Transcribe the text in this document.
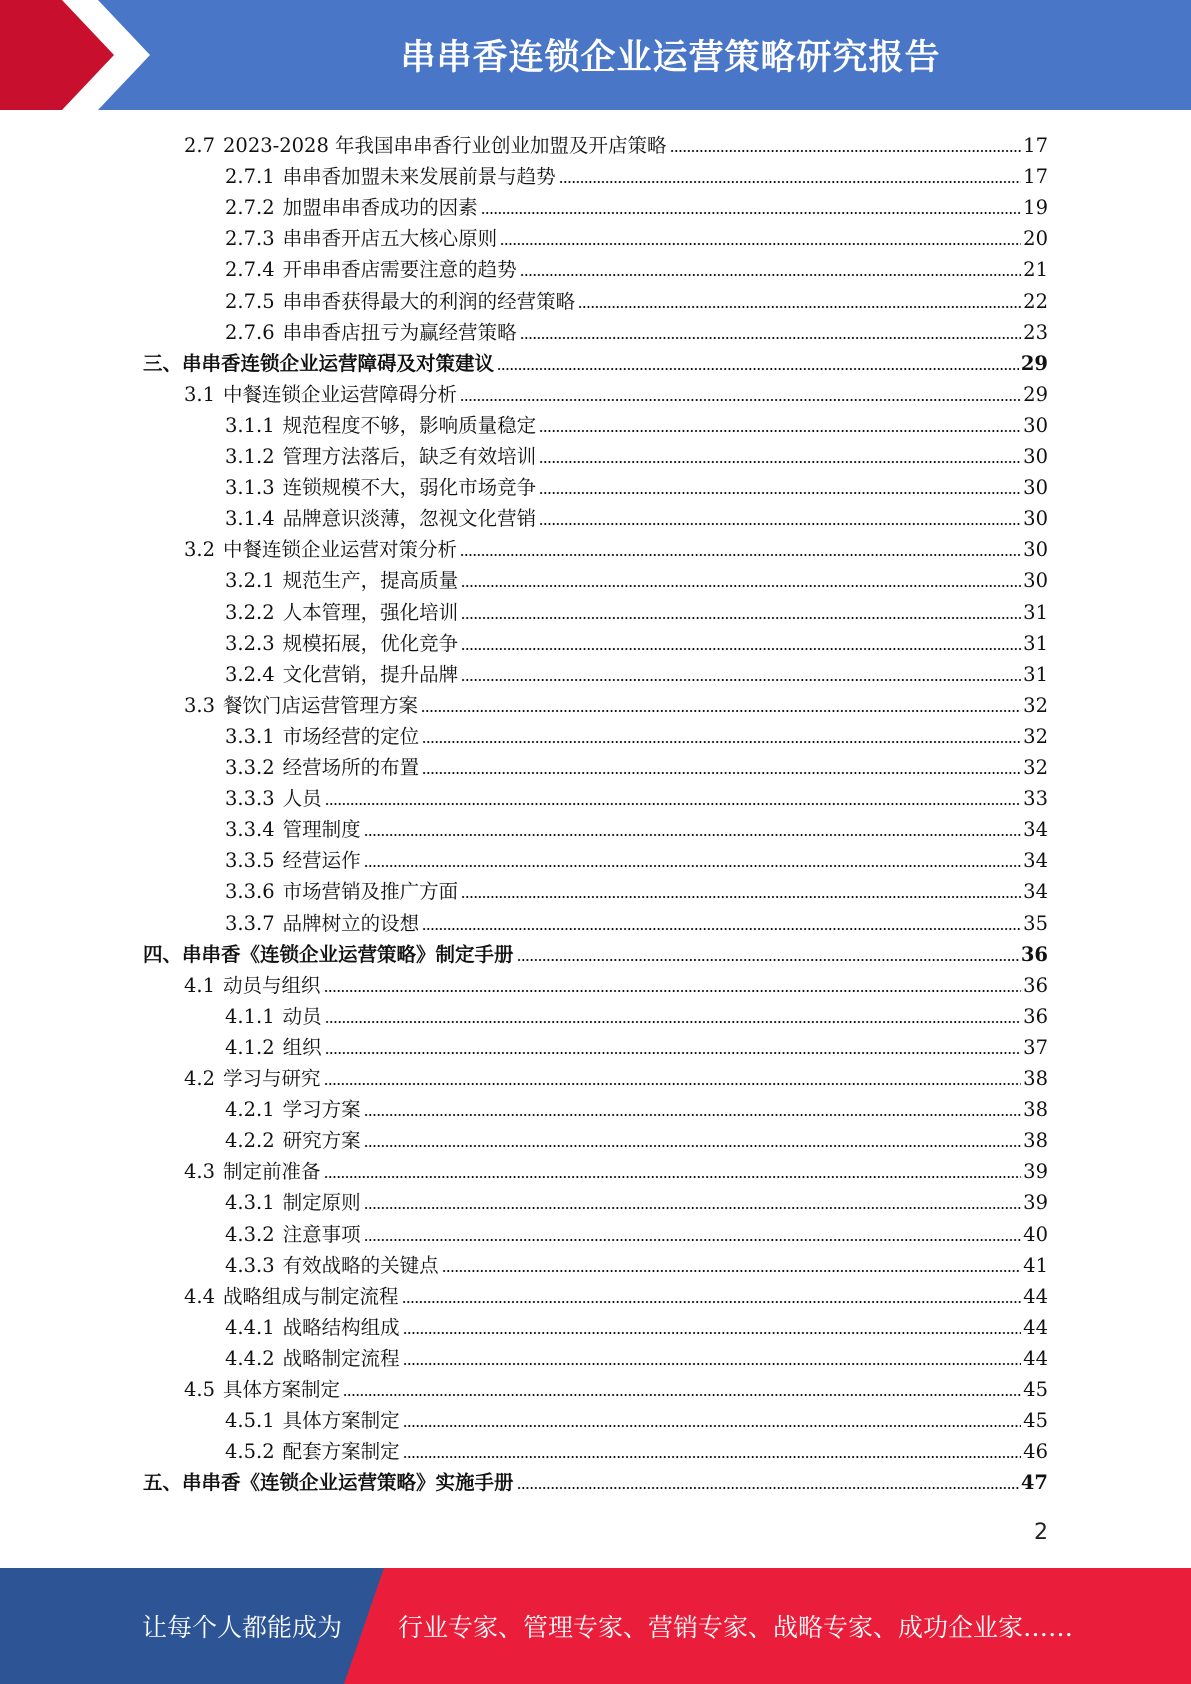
串串香连锁企业运营策略研究报告
2.7 2023-2028 年我国串串香行业创业加盟及开店策略	17
2.7.1 串串香加盟未来发展前景与趋势	17
2.7.2 加盟串串香成功的因素	19
2.7.3 串串香开店五大核心原则	20
2.7.4 开串串香店需要注意的趋势	21
2.7.5 串串香获得最大的利润的经营策略	22
2.7.6 串串香店扭亏为赢经营策略	23
三、串串香连锁企业运营障碍及对策建议	29
3.1 中餐连锁企业运营障碍分析	29
3.1.1 规范程度不够，影响质量稳定	30
3.1.2 管理方法落后，缺乏有效培训	30
3.1.3 连锁规模不大，弱化市场竞争	30
3.1.4 品牌意识淡薄，忽视文化营销	30
3.2 中餐连锁企业运营对策分析	30
3.2.1 规范生产，提高质量	30
3.2.2 人本管理，强化培训	31
3.2.3 规模拓展，优化竞争	31
3.2.4 文化营销，提升品牌	31
3.3 餐饮门店运营管理方案	32
3.3.1 市场经营的定位	32
3.3.2 经营场所的布置	32
3.3.3 人员	33
3.3.4 管理制度	34
3.3.5 经营运作	34
3.3.6 市场营销及推广方面	34
3.3.7 品牌树立的设想	35
四、串串香《连锁企业运营策略》制定手册	36
4.1 动员与组织	36
4.1.1 动员	36
4.1.2 组织	37
4.2 学习与研究	38
4.2.1 学习方案	38
4.2.2 研究方案	38
4.3 制定前准备	39
4.3.1 制定原则	39
4.3.2 注意事项	40
4.3.3 有效战略的关键点	41
4.4 战略组成与制定流程	44
4.4.1 战略结构组成	44
4.4.2 战略制定流程	44
4.5 具体方案制定	45
4.5.1 具体方案制定	45
4.5.2 配套方案制定	46
五、串串香《连锁企业运营策略》实施手册	47
2
让每个人都能成为 行业专家、管理专家、营销专家、战略专家、成功企业家……
